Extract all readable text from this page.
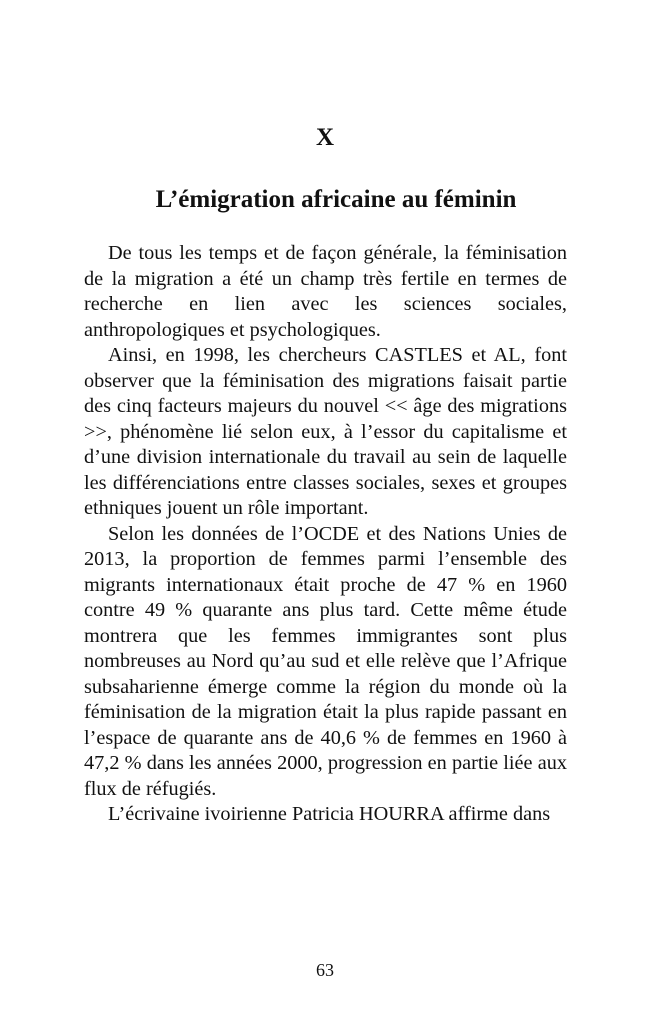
X
L’émigration africaine au féminin

De tous les temps et de façon générale, la féminisation de la migration a été un champ très fertile en termes de recherche en lien avec les sciences sociales, anthropologiques et psychologiques.

Ainsi, en 1998, les chercheurs CASTLES et AL, font observer que la féminisation des migrations faisait partie des cinq facteurs majeurs du nouvel << âge des migrations >>, phénomène lié selon eux, à l’essor du capitalisme et d’une division internationale du travail au sein de laquelle les différenciations entre classes sociales, sexes et groupes ethniques jouent un rôle important.

Selon les données de l’OCDE et des Nations Unies de 2013, la proportion de femmes parmi l’ensemble des migrants internationaux était proche de 47 % en 1960 contre 49 % quarante ans plus tard. Cette même étude montrera que les femmes immigrantes sont plus nombreuses au Nord qu’au sud et elle relève que l’Afrique subsaharienne émerge comme la région du monde où la féminisation de la migration était la plus rapide passant en l’espace de quarante ans de 40,6 % de femmes en 1960 à 47,2 % dans les années 2000, progression en partie liée aux flux de réfugiés.

L’écrivaine ivoirienne Patricia HOURRA affirme dans

63
